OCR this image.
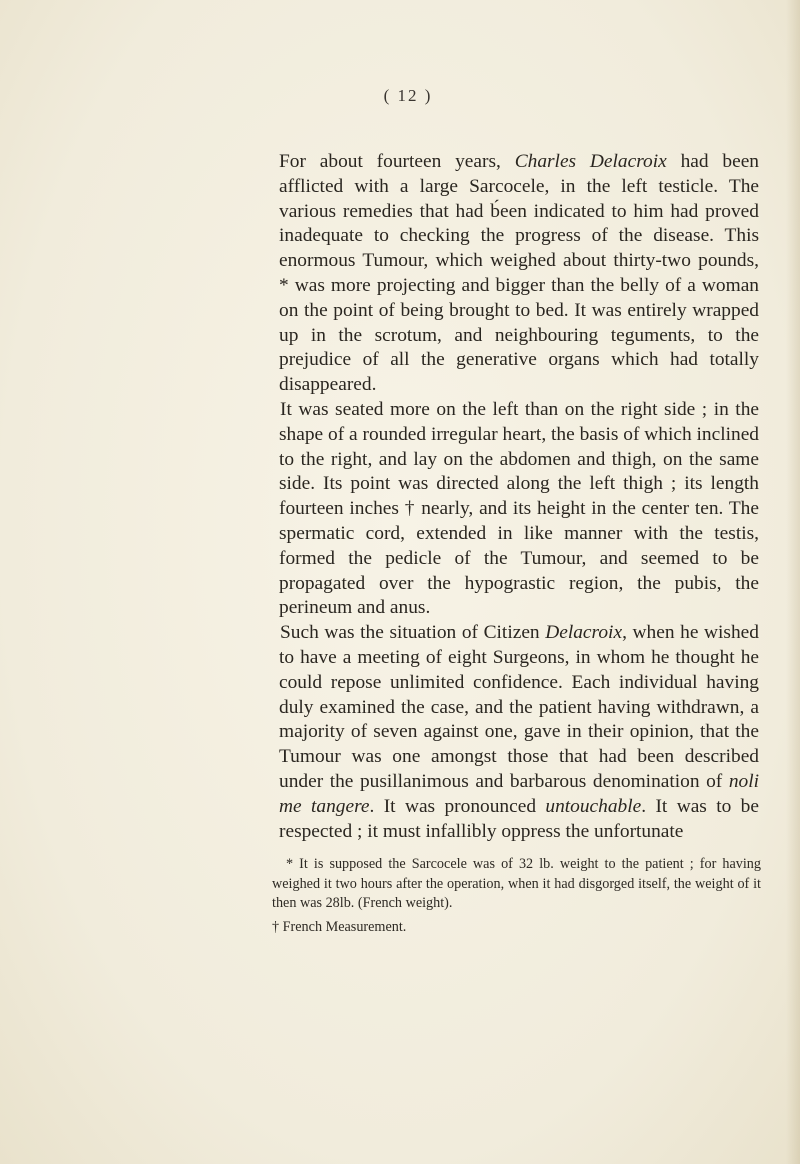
( 12 )

For about fourteen years, Charles Delacroix had been afflicted with a large Sarcocele, in the left testicle. The various remedies that had b́een indicated to him had proved inadequate to checking the progress of the disease. This enormous Tumour, which weighed about thirty-two pounds, * was more projecting and bigger than the belly of a woman on the point of being brought to bed. It was entirely wrapped up in the scrotum, and neighbouring teguments, to the prejudice of all the generative organs which had totally disappeared.

It was seated more on the left than on the right side ; in the shape of a rounded irregular heart, the basis of which inclined to the right, and lay on the abdomen and thigh, on the same side. Its point was directed along the left thigh ; its length fourteen inches † nearly, and its height in the center ten. The spermatic cord, extended in like manner with the testis, formed the pedicle of the Tumour, and seemed to be propagated over the hypograstic region, the pubis, the perineum and anus.

Such was the situation of Citizen Delacroix, when he wished to have a meeting of eight Surgeons, in whom he thought he could repose unlimited confidence. Each individual having duly examined the case, and the patient having withdrawn, a majority of seven against one, gave in their opinion, that the Tumour was one amongst those that had been described under the pusillanimous and barbarous denomination of noli me tangere. It was pronounced untouchable. It was to be respected ; it must infallibly oppress the unfortunate

* It is supposed the Sarcocele was of 32 lb. weight to the patient ; for having weighed it two hours after the operation, when it had disgorged itself, the weight of it then was 28lb. (French weight).

† French Measurement.
